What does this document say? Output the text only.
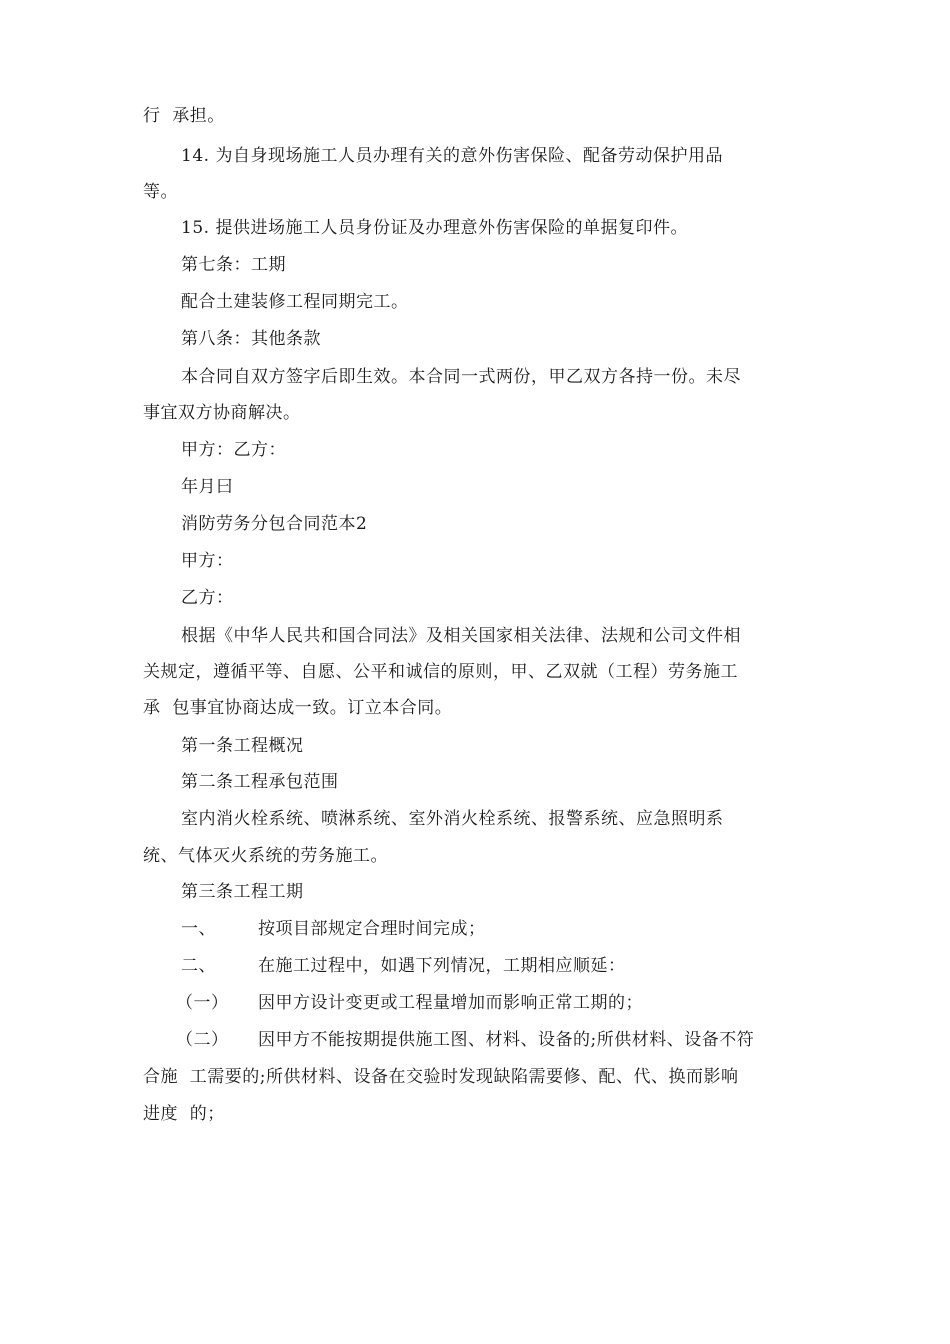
行  承担。
14. 为自身现场施工人员办理有关的意外伤害保险、配备劳动保护用品
等。
15. 提供进场施工人员身份证及办理意外伤害保险的单据复印件。
第七条：工期
配合土建装修工程同期完工。
第八条：其他条款
本合同自双方签字后即生效。本合同一式两份，甲乙双方各持一份。未尽
事宜双方协商解决。
甲方：乙方：
年月曰
消防劳务分包合同范本2
甲方：
乙方：
根据《中华人民共和国合同法》及相关国家相关法律、法规和公司文件相
关规定，遵循平等、自愿、公平和诚信的原则，甲、乙双就（工程）劳务施工
承  包事宜协商达成一致。订立本合同。
第一条工程概况
第二条工程承包范围
室内消火栓系统、喷淋系统、室外消火栓系统、报警系统、应急照明系
统、气体灭火系统的劳务施工。
第三条工程工期
一、 按项目部规定合理时间完成；
二、 在施工过程中，如遇下列情况，工期相应顺延：
（一） 因甲方设计变更或工程量增加而影响正常工期的；
（二） 因甲方不能按期提供施工图、材料、设备的;所供材料、设备不符
合施  工需要的;所供材料、设备在交验时发现缺陷需要修、配、代、换而影响
进度  的；
